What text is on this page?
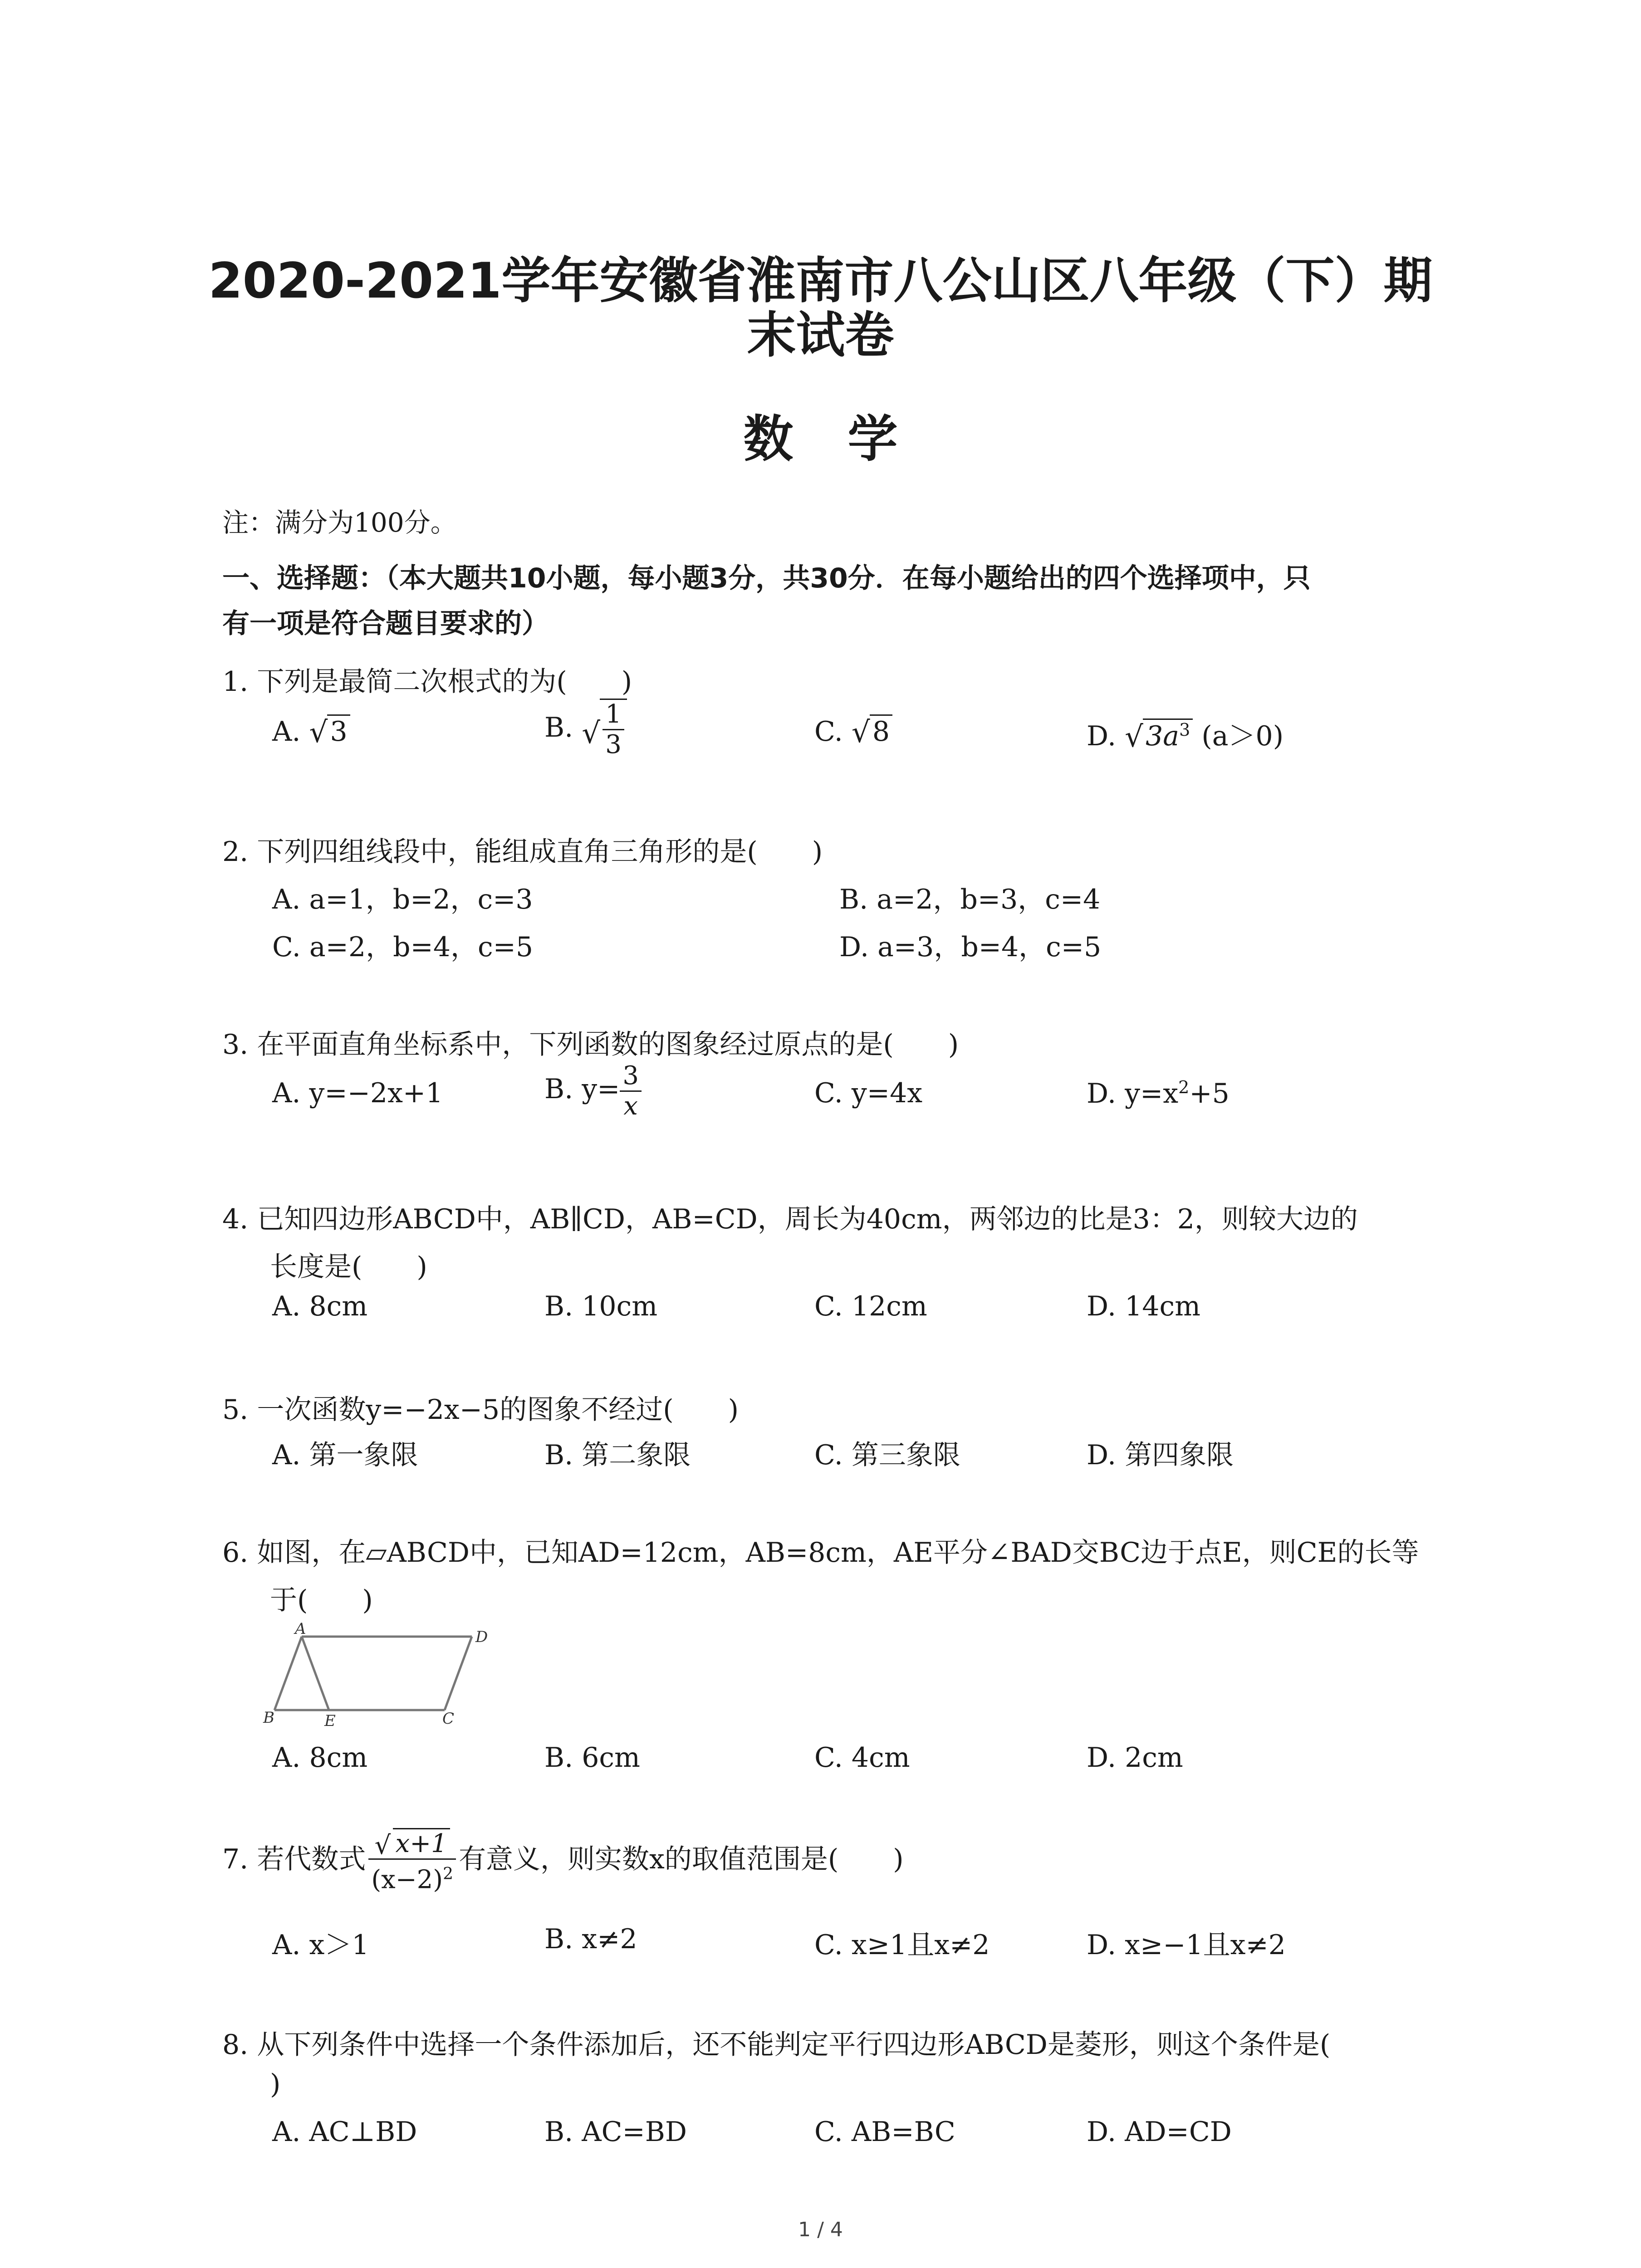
2020-2021学年安徽省淮南市八公山区八年级（下）期
末试卷
数学
注：满分为100分。
一、选择题：（本大题共10小题，每小题3分，共30分．在每小题给出的四个选择项中，只
有一项是符合题目要求的）
1. 下列是最简二次根式的为(　　)
A. √ 3	B. √ $\frac{1}{3}$	C. √ 8	D. √ $3a^3$ (a＞0)
2. 下列四组线段中，能组成直角三角形的是(　　)
A. a=1，b=2，c=3	B. a=2，b=3，c=4
C. a=2，b=4，c=5	D. a=3，b=4，c=5
3. 在平面直角坐标系中，下列函数的图象经过原点的是(　　)
A. y=−2x+1	B. $y= \frac{3}{x}$	C. y=4x	D. $y=x^2+5$
4. 已知四边形ABCD中，AB∥CD，AB=CD，周长为40cm，两邻边的比是3：2，则较大边的
长度是(　　)
A. 8cm	B. 10cm	C. 12cm	D. 14cm
5. 一次函数y=−2x−5的图象不经过(　　)
A. 第一象限	B. 第二象限	C. 第三象限	D. 第四象限
6. 如图，在▱ABCD中，已知AD=12cm，AB=8cm，AE平分∠BAD交BC边于点E，则CE的长等
于(　　)
A	D
B	E	C
A. 8cm	B. 6cm	C. 4cm	D. 2cm
7. 若代数式 $\frac{√ x+1}{(x-2)^2}$ 有意义，则实数x的取值范围是(　　)
A. x＞1	B. x≠2	C. x≥1且x≠2	D. x≥−1且x≠2
8. 从下列条件中选择一个条件添加后，还不能判定平行四边形ABCD是菱形，则这个条件是(
)
A. AC⊥BD	B. AC=BD	C. AB=BC	D. AD=CD
1 / 4
